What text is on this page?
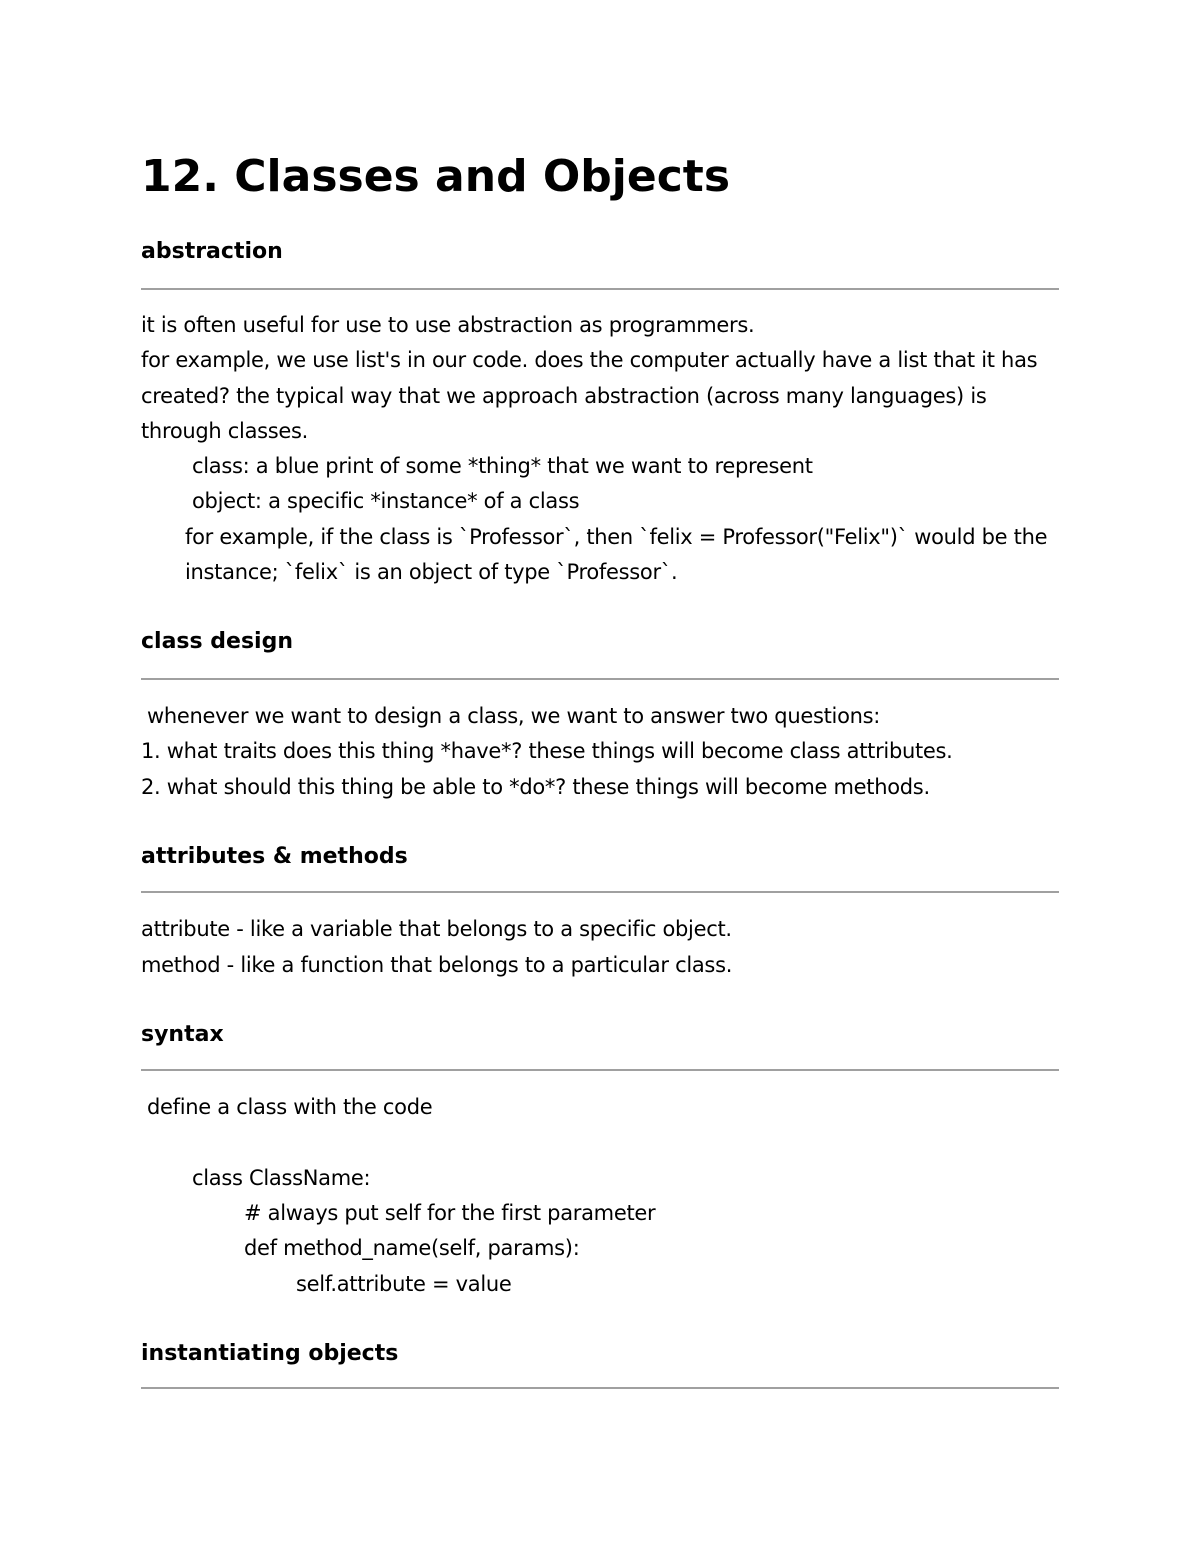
12. Classes and Objects
abstraction

it is often useful for use to use abstraction as programmers.

for example, we use list's in our code. does the computer actually have a list that it has

created? the typical way that we approach abstraction (across many languages) is

through classes.

class: a blue print of some *thing* that we want to represent

object: a specific *instance* of a class

for example, if the class is `Professor`, then `felix = Professor("Felix")` would be the

instance; `felix` is an object of type `Professor`.

class design

whenever we want to design a class, we want to answer two questions:

1. what traits does this thing *have*? these things will become class attributes.

2. what should this thing be able to *do*? these things will become methods.

attributes & methods

attribute - like a variable that belongs to a specific object.

method - like a function that belongs to a particular class.

syntax

define a class with the code

class ClassName:

# always put self for the first parameter

def method_name(self, params):

self.attribute = value

instantiating objects
